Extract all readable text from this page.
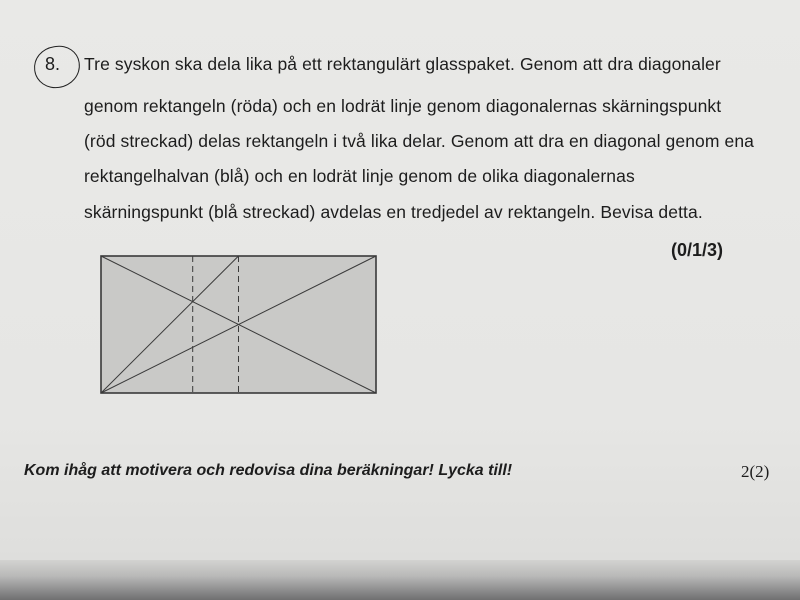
8. Tre syskon ska dela lika på ett rektangulärt glasspaket. Genom att dra diagonaler
genom rektangeln (röda) och en lodrät linje genom diagonalernas skärningspunkt
(röd streckad) delas rektangeln i två lika delar. Genom att dra en diagonal genom ena
rektangelhalvan (blå) och en lodrät linje genom de olika diagonalernas
skärningspunkt (blå streckad) avdelas en tredjedel av rektangeln. Bevisa detta.
(0/1/3)
Kom ihåg att motivera och redovisa dina beräkningar! Lycka till!	2(2)
